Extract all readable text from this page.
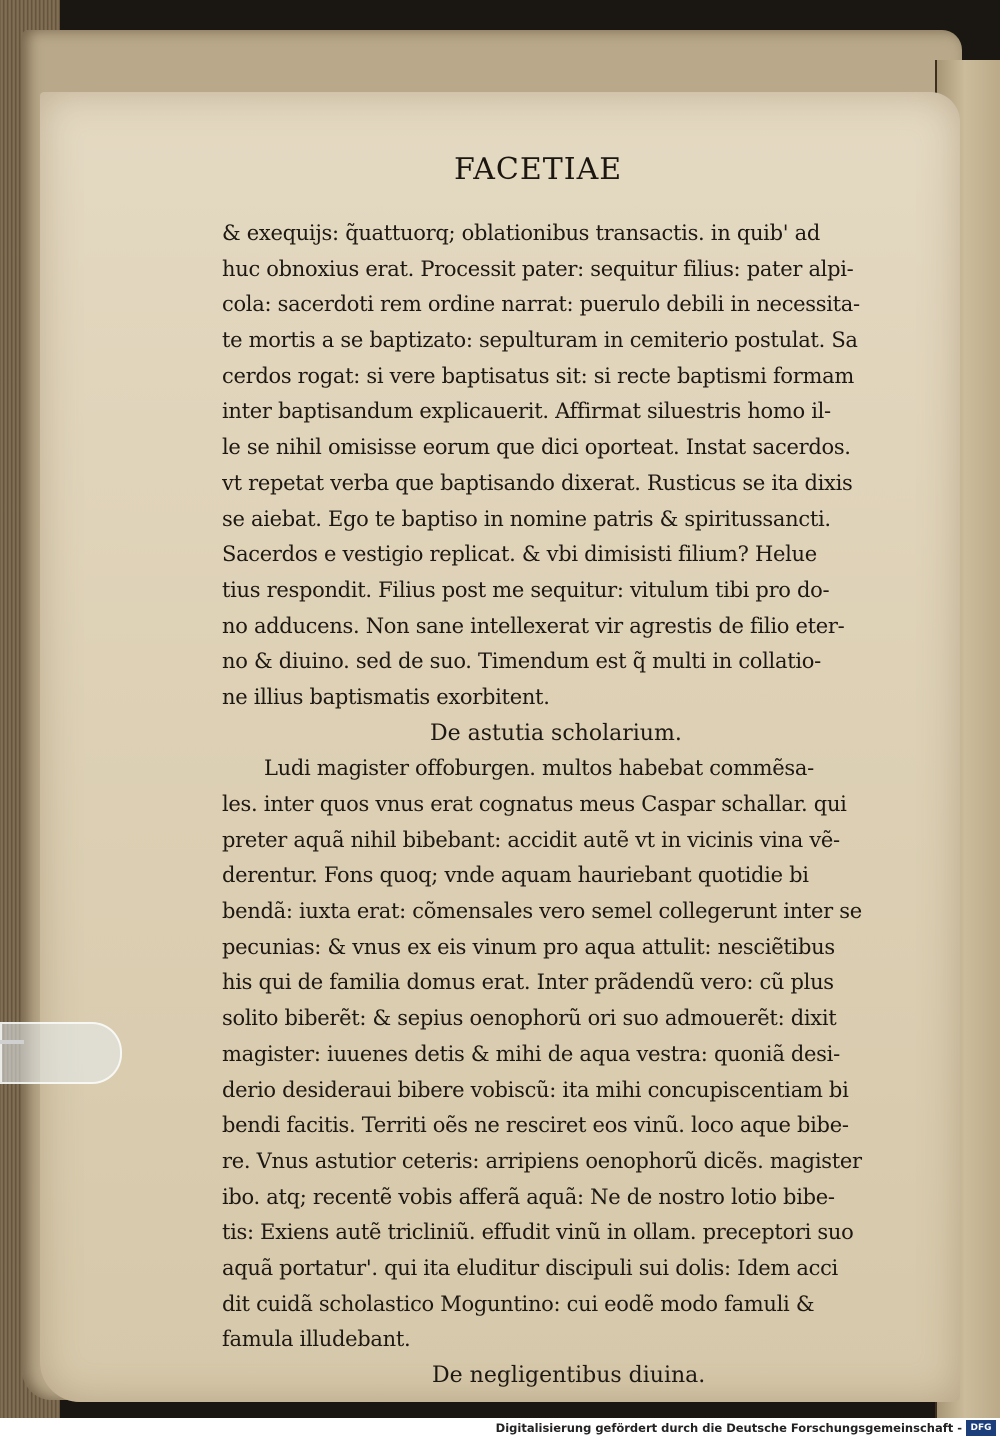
FACETIAE
& exequijs: q̃uattuorq; oblationibus transactis. in quib' ad
huc obnoxius erat. Processit pater: sequitur filius: pater alpi-
cola: sacerdoti rem ordine narrat: puerulo debili in necessita-
te mortis a se baptizato: sepulturam in cemiterio postulat. Sa
cerdos rogat: si vere baptisatus sit: si recte baptismi formam
inter baptisandum explicauerit. Affirmat siluestris homo il-
le se nihil omisisse eorum que dici oporteat. Instat sacerdos.
vt repetat verba que baptisando dixerat. Rusticus se ita dixis
se aiebat. Ego te baptiso in nomine patris & spiritussancti.
Sacerdos e vestigio replicat. & vbi dimisisti filium? Helue
tius respondit. Filius post me sequitur: vitulum tibi pro do-
no adducens. Non sane intellexerat vir agrestis de filio eter-
no & diuino. sed de suo. Timendum est q̃ multi in collatio-
ne illius baptismatis exorbitent.
De astutia scholarium.
Ludi magister offoburgen. multos habebat commẽsa-
les. inter quos vnus erat cognatus meus Caspar schallar. qui
preter aquã nihil bibebant: accidit autẽ vt in vicinis vina vẽ-
derentur. Fons quoq; vnde aquam hauriebant quotidie bi
bendã: iuxta erat: cõmensales vero semel collegerunt inter se
pecunias: & vnus ex eis vinum pro aqua attulit: nesciẽtibus
his qui de familia domus erat. Inter prãdendũ vero: cũ plus
solito biberẽt: & sepius oenophorũ ori suo admouerẽt: dixit
magister: iuuenes detis & mihi de aqua vestra: quoniã desi-
derio desideraui bibere vobiscũ: ita mihi concupiscentiam bi
bendi facitis. Territi oẽs ne resciret eos vinũ. loco aque bibe-
re. Vnus astutior ceteris: arripiens oenophorũ dicẽs. magister
ibo. atq; recentẽ vobis afferã aquã: Ne de nostro lotio bibe-
tis: Exiens autẽ tricliniũ. effudit vinũ in ollam. preceptori suo
aquã portatur'. qui ita eluditur discipuli sui dolis: Idem acci
dit cuidã scholastico Moguntino: cui eodẽ modo famuli &
famula illudebant.
De negligentibus diuina.
Digitalisierung gefördert durch die Deutsche Forschungsgemeinschaft - DFG
